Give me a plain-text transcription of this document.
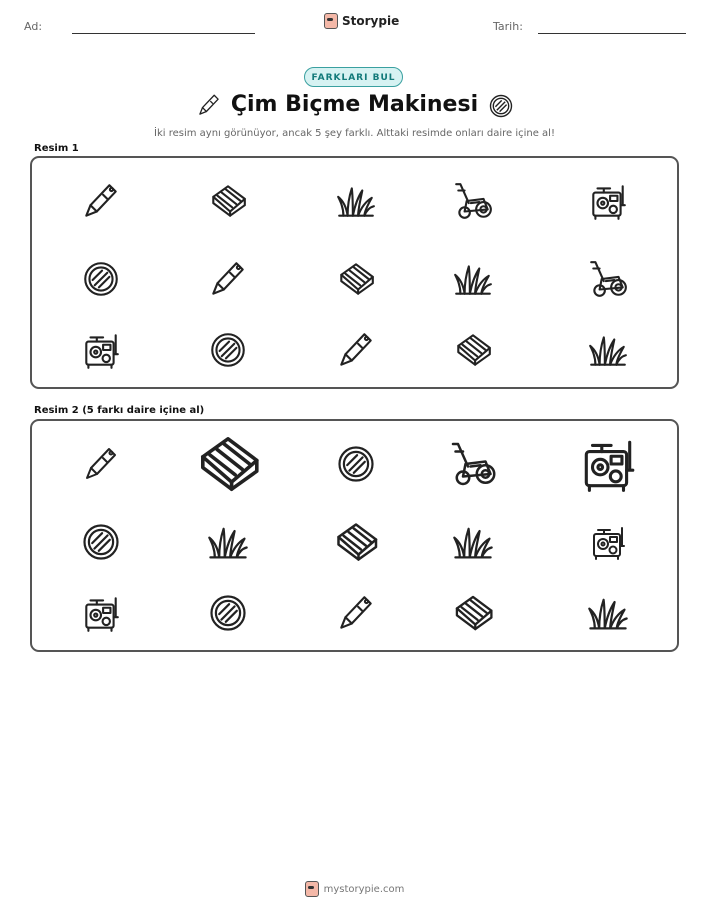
Ad:	Storypie	Tarih:
FARKLARI BUL
Çim Biçme Makinesi
İki resim aynı görünüyor, ancak 5 şey farklı. Alttaki resimde onları daire içine al!
Resim 1
Resim 2 (5 farkı daire içine al)
mystorypie.com
